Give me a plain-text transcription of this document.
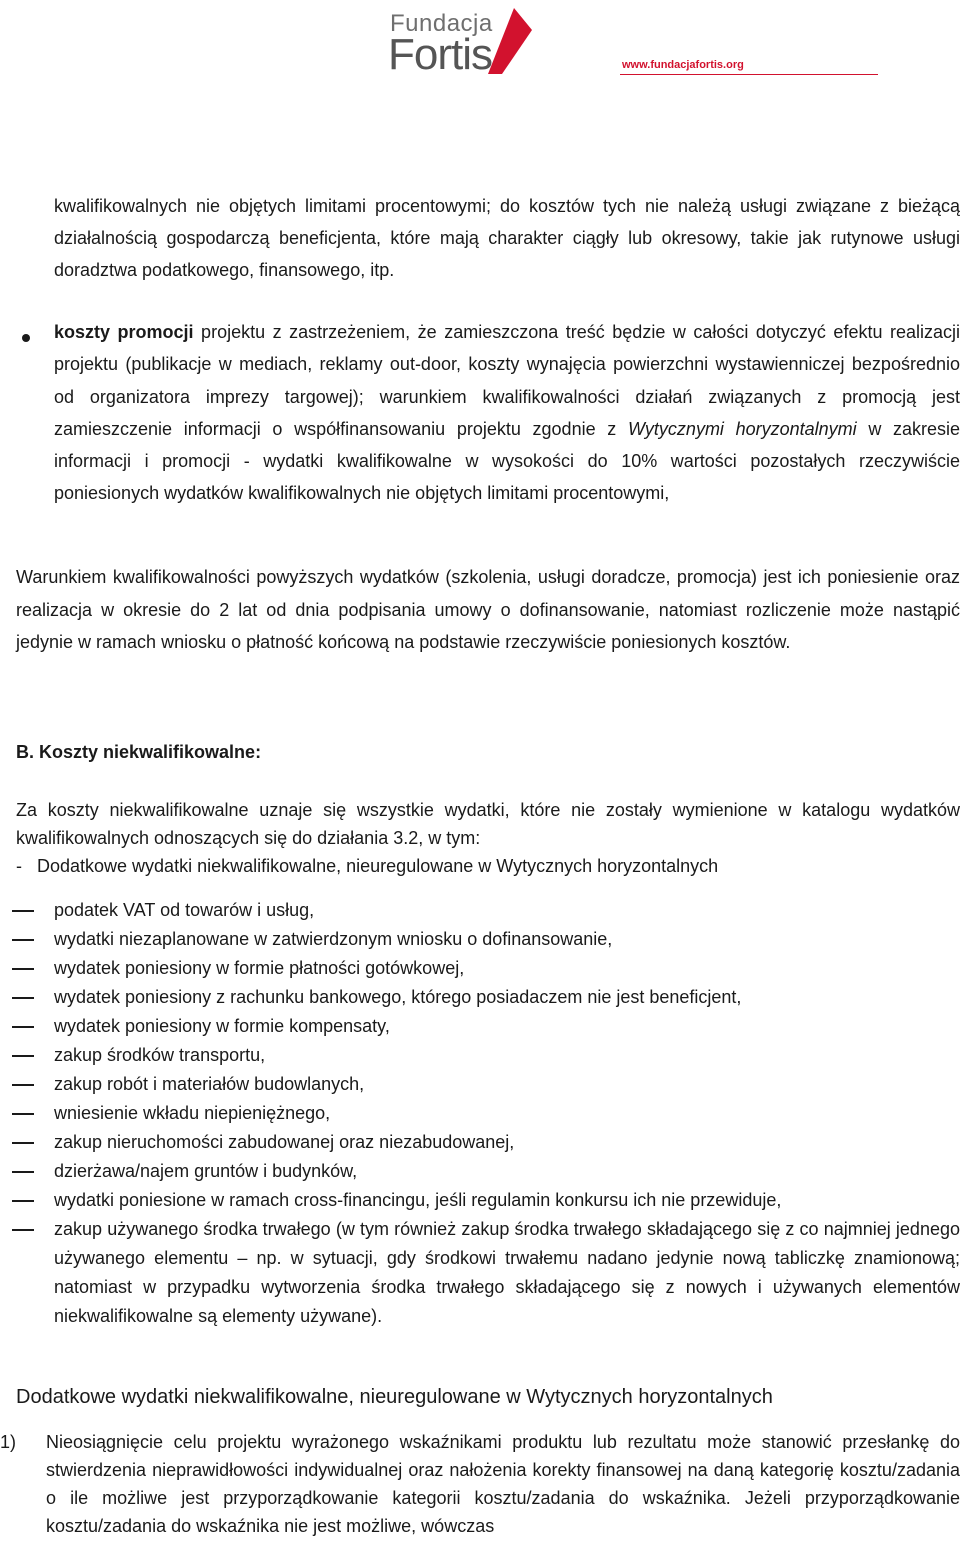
Fundacja
Fortis	www.fundacjafortis.org
kwalifikowalnych nie objętych limitami procentowymi; do kosztów tych nie należą usługi związane z bieżącą działalnością gospodarczą beneficjenta, które mają charakter ciągły lub okresowy, takie jak rutynowe usługi doradztwa podatkowego, finansowego, itp.
koszty promocji projektu z zastrzeżeniem, że zamieszczona treść będzie w całości dotyczyć efektu realizacji projektu (publikacje w mediach, reklamy out-door, koszty wynajęcia powierzchni wystawienniczej bezpośrednio od organizatora imprezy targowej); warunkiem kwalifikowalności działań związanych z promocją jest zamieszczenie informacji o współfinansowaniu projektu zgodnie z Wytycznymi horyzontalnymi w zakresie informacji i promocji - wydatki kwalifikowalne w wysokości do 10% wartości pozostałych rzeczywiście poniesionych wydatków kwalifikowalnych nie objętych limitami procentowymi,
Warunkiem kwalifikowalności powyższych wydatków (szkolenia, usługi doradcze, promocja) jest ich poniesienie oraz realizacja w okresie do 2 lat od dnia podpisania umowy o dofinansowanie, natomiast rozliczenie może nastąpić jedynie w ramach wniosku o płatność końcową na podstawie rzeczywiście poniesionych kosztów.
B. Koszty niekwalifikowalne:
Za koszty niekwalifikowalne uznaje się wszystkie wydatki, które nie zostały wymienione w katalogu wydatków kwalifikowalnych odnoszących się do działania 3.2, w tym:
-   Dodatkowe wydatki niekwalifikowalne, nieuregulowane w Wytycznych horyzontalnych
podatek VAT od towarów i usług,
wydatki niezaplanowane w zatwierdzonym wniosku o dofinansowanie,
wydatek poniesiony w formie płatności gotówkowej,
wydatek poniesiony z rachunku bankowego, którego posiadaczem nie jest beneficjent,
wydatek poniesiony w formie kompensaty,
zakup środków transportu,
zakup robót i materiałów budowlanych,
wniesienie wkładu niepieniężnego,
zakup nieruchomości zabudowanej oraz niezabudowanej,
dzierżawa/najem gruntów i budynków,
wydatki poniesione w ramach cross-financingu, jeśli regulamin konkursu ich nie przewiduje,
zakup używanego środka trwałego (w tym również zakup środka trwałego składającego się z co najmniej jednego używanego elementu – np. w sytuacji, gdy środkowi trwałemu nadano jedynie nową tabliczkę znamionową; natomiast w przypadku wytworzenia środka trwałego składającego się z nowych i używanych elementów niekwalifikowalne są elementy używane).
Dodatkowe wydatki niekwalifikowalne, nieuregulowane w Wytycznych horyzontalnych
1) Nieosiągnięcie celu projektu wyrażonego wskaźnikami produktu lub rezultatu może stanowić przesłankę do stwierdzenia nieprawidłowości indywidualnej oraz nałożenia korekty finansowej na daną kategorię kosztu/zadania o ile możliwe jest przyporządkowanie kategorii kosztu/zadania do wskaźnika. Jeżeli przyporządkowanie kosztu/zadania do wskaźnika nie jest możliwe, wówczas
